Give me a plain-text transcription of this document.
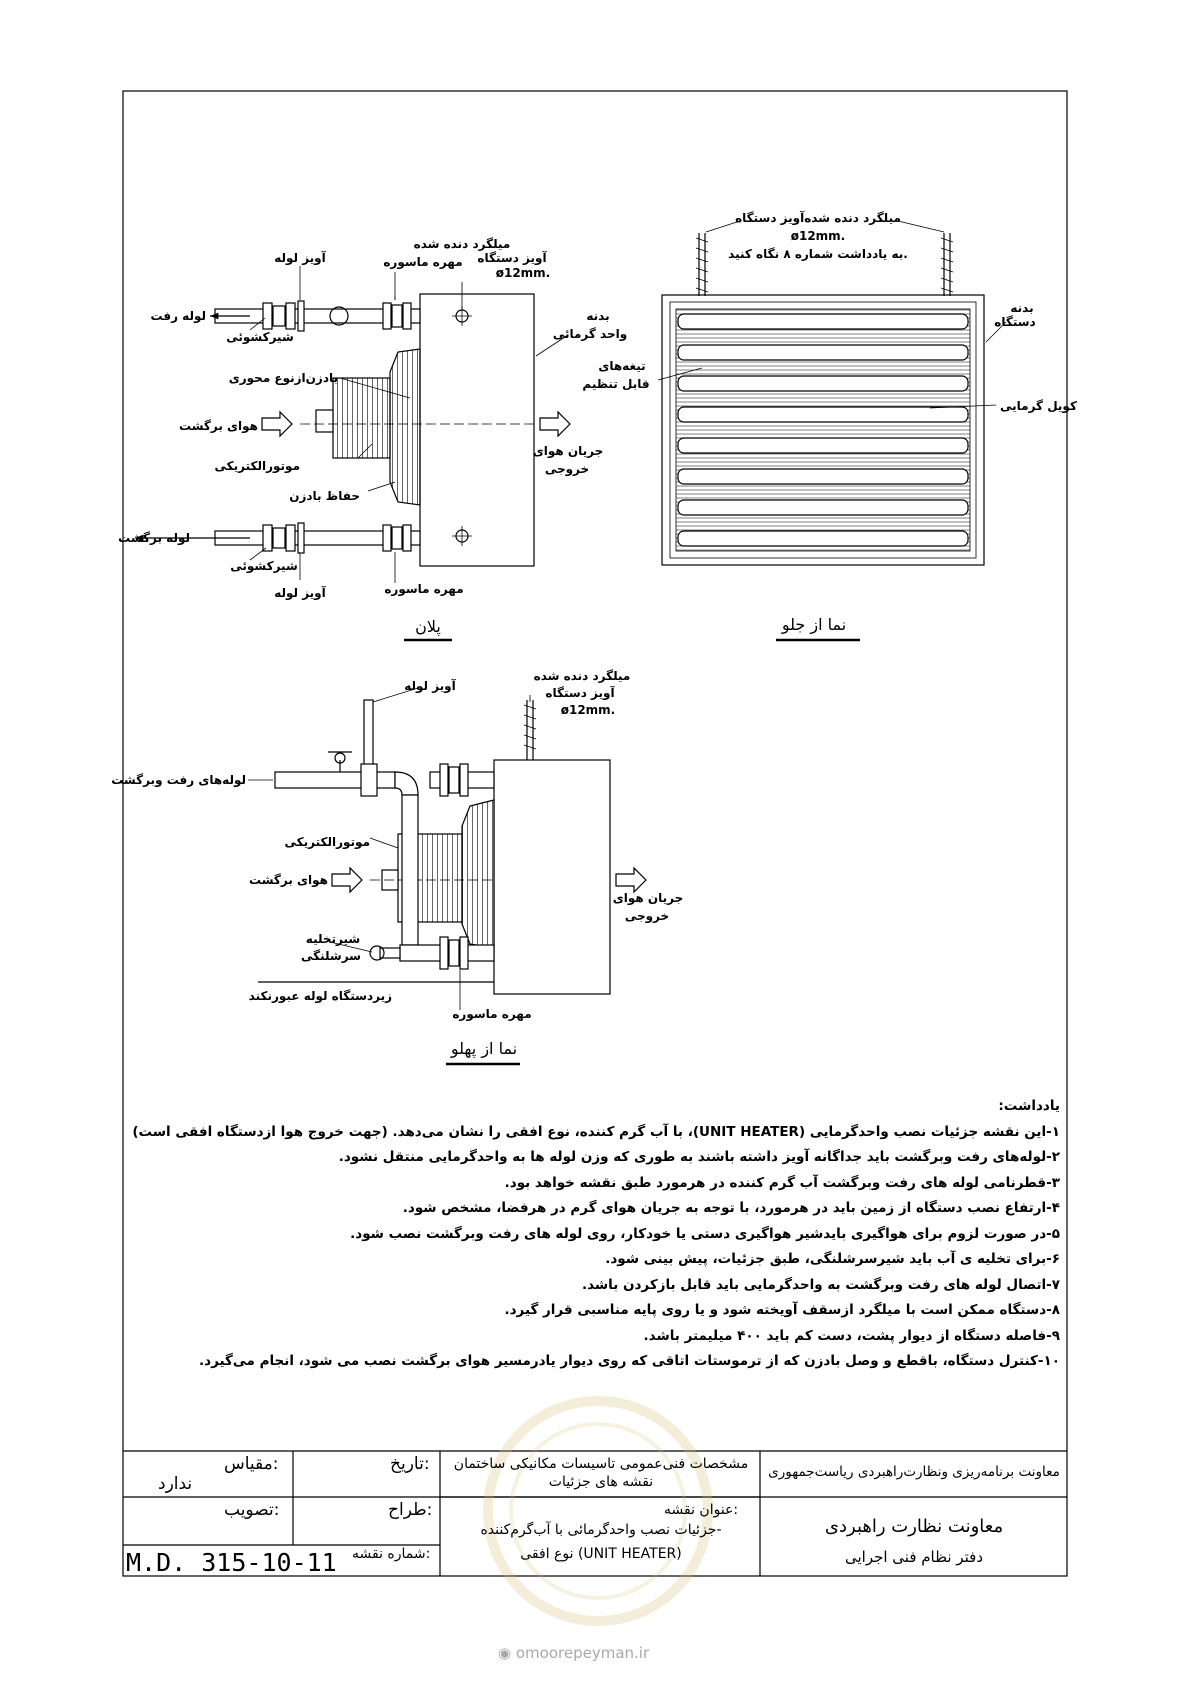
میلگرد دنده شده
آویز دستگاه
ø12mm.
مهره ماسوره
آویز لوله
لوله رفت
شیرکشوئی
بدنه
واحد گرمائی
بادزن‌ازنوع محوری
هوای برگشت
جریان هوای
خروجی
موتورالکتریکی
حفاظ بادزن
لوله برگشت
شیرکشوئی
آویز لوله	مهره ماسوره
پلان
میلگرد دنده شده‌آویز دستگاه
ø12mm.
به یادداشت شماره ۸ نگاه کنید.
بدنه
دستگاه
تیغه‌های
قابل تنظیم
کویل گرمایی
نما از جلو
آویز لوله
میلگرد دنده شده
آویز دستگاه
ø12mm.
لوله‌های رفت وبرگشت
موتورالکتریکی
هوای برگشت
جریان هوای
خروجی
شیرتخلیه
سرشلنگی
زیردستگاه لوله عبورنکند
مهره ماسوره
نما از پهلو
یادداشت:
۱-این نقشه جزئیات نصب واحدگرمایی (UNIT HEATER)، با آب گرم کننده، نوع افقی را نشان می‌دهد. (جهت خروج هوا ازدستگاه افقی است)
۲-لوله‌های رفت وبرگشت باید جداگانه آویز داشته باشند به طوری که وزن لوله ها به واحدگرمایی منتقل نشود.
۳-قطرنامی لوله های رفت وبرگشت آب گرم کننده در هرمورد طبق نقشه خواهد بود.
۴-ارتفاع نصب دستگاه از زمین باید در هرمورد، با توجه به جریان هوای گرم در هرفضا، مشخص شود.
۵-در صورت لزوم برای هواگیری بایدشیر هواگیری دستی یا خودکار، روی لوله های رفت وبرگشت نصب شود.
۶-برای تخلیه ی آب باید شیرسرشلنگی، طبق جزئیات، پیش بینی شود.
۷-اتصال لوله های رفت وبرگشت به واحدگرمایی باید قابل بازکردن باشد.
۸-دستگاه ممکن است با میلگرد ازسقف آویخته شود و یا روی پایه مناسبی قرار گیرد.
۹-فاصله دستگاه از دیوار پشت، دست کم باید ۴۰۰ میلیمتر باشد.
۱۰-کنترل دستگاه، باقطع و وصل بادزن که از ترموستات اتاقی که روی دیوار یادرمسیر هوای برگشت نصب می شود، انجام می‌گیرد.
مقیاس:
ندارد
تاریخ:
تصویب:	طراح:
شماره نقشه:
M.D. 315-10-11
مشخصات فنی‌عمومی تاسیسات مکانیکی ساختمان
نقشه های جزئیات
عنوان نقشه:
جزئیات نصب واحدگرمائی با آب‌گرم‌کننده-
نوع افقی (UNIT HEATER)
معاونت برنامه‌ریزی ونظارت‌راهبردی ریاست‌جمهوری
معاونت نظارت راهبردی
دفتر نظام فنی اجرایی
◉ omoorepeyman.ir
